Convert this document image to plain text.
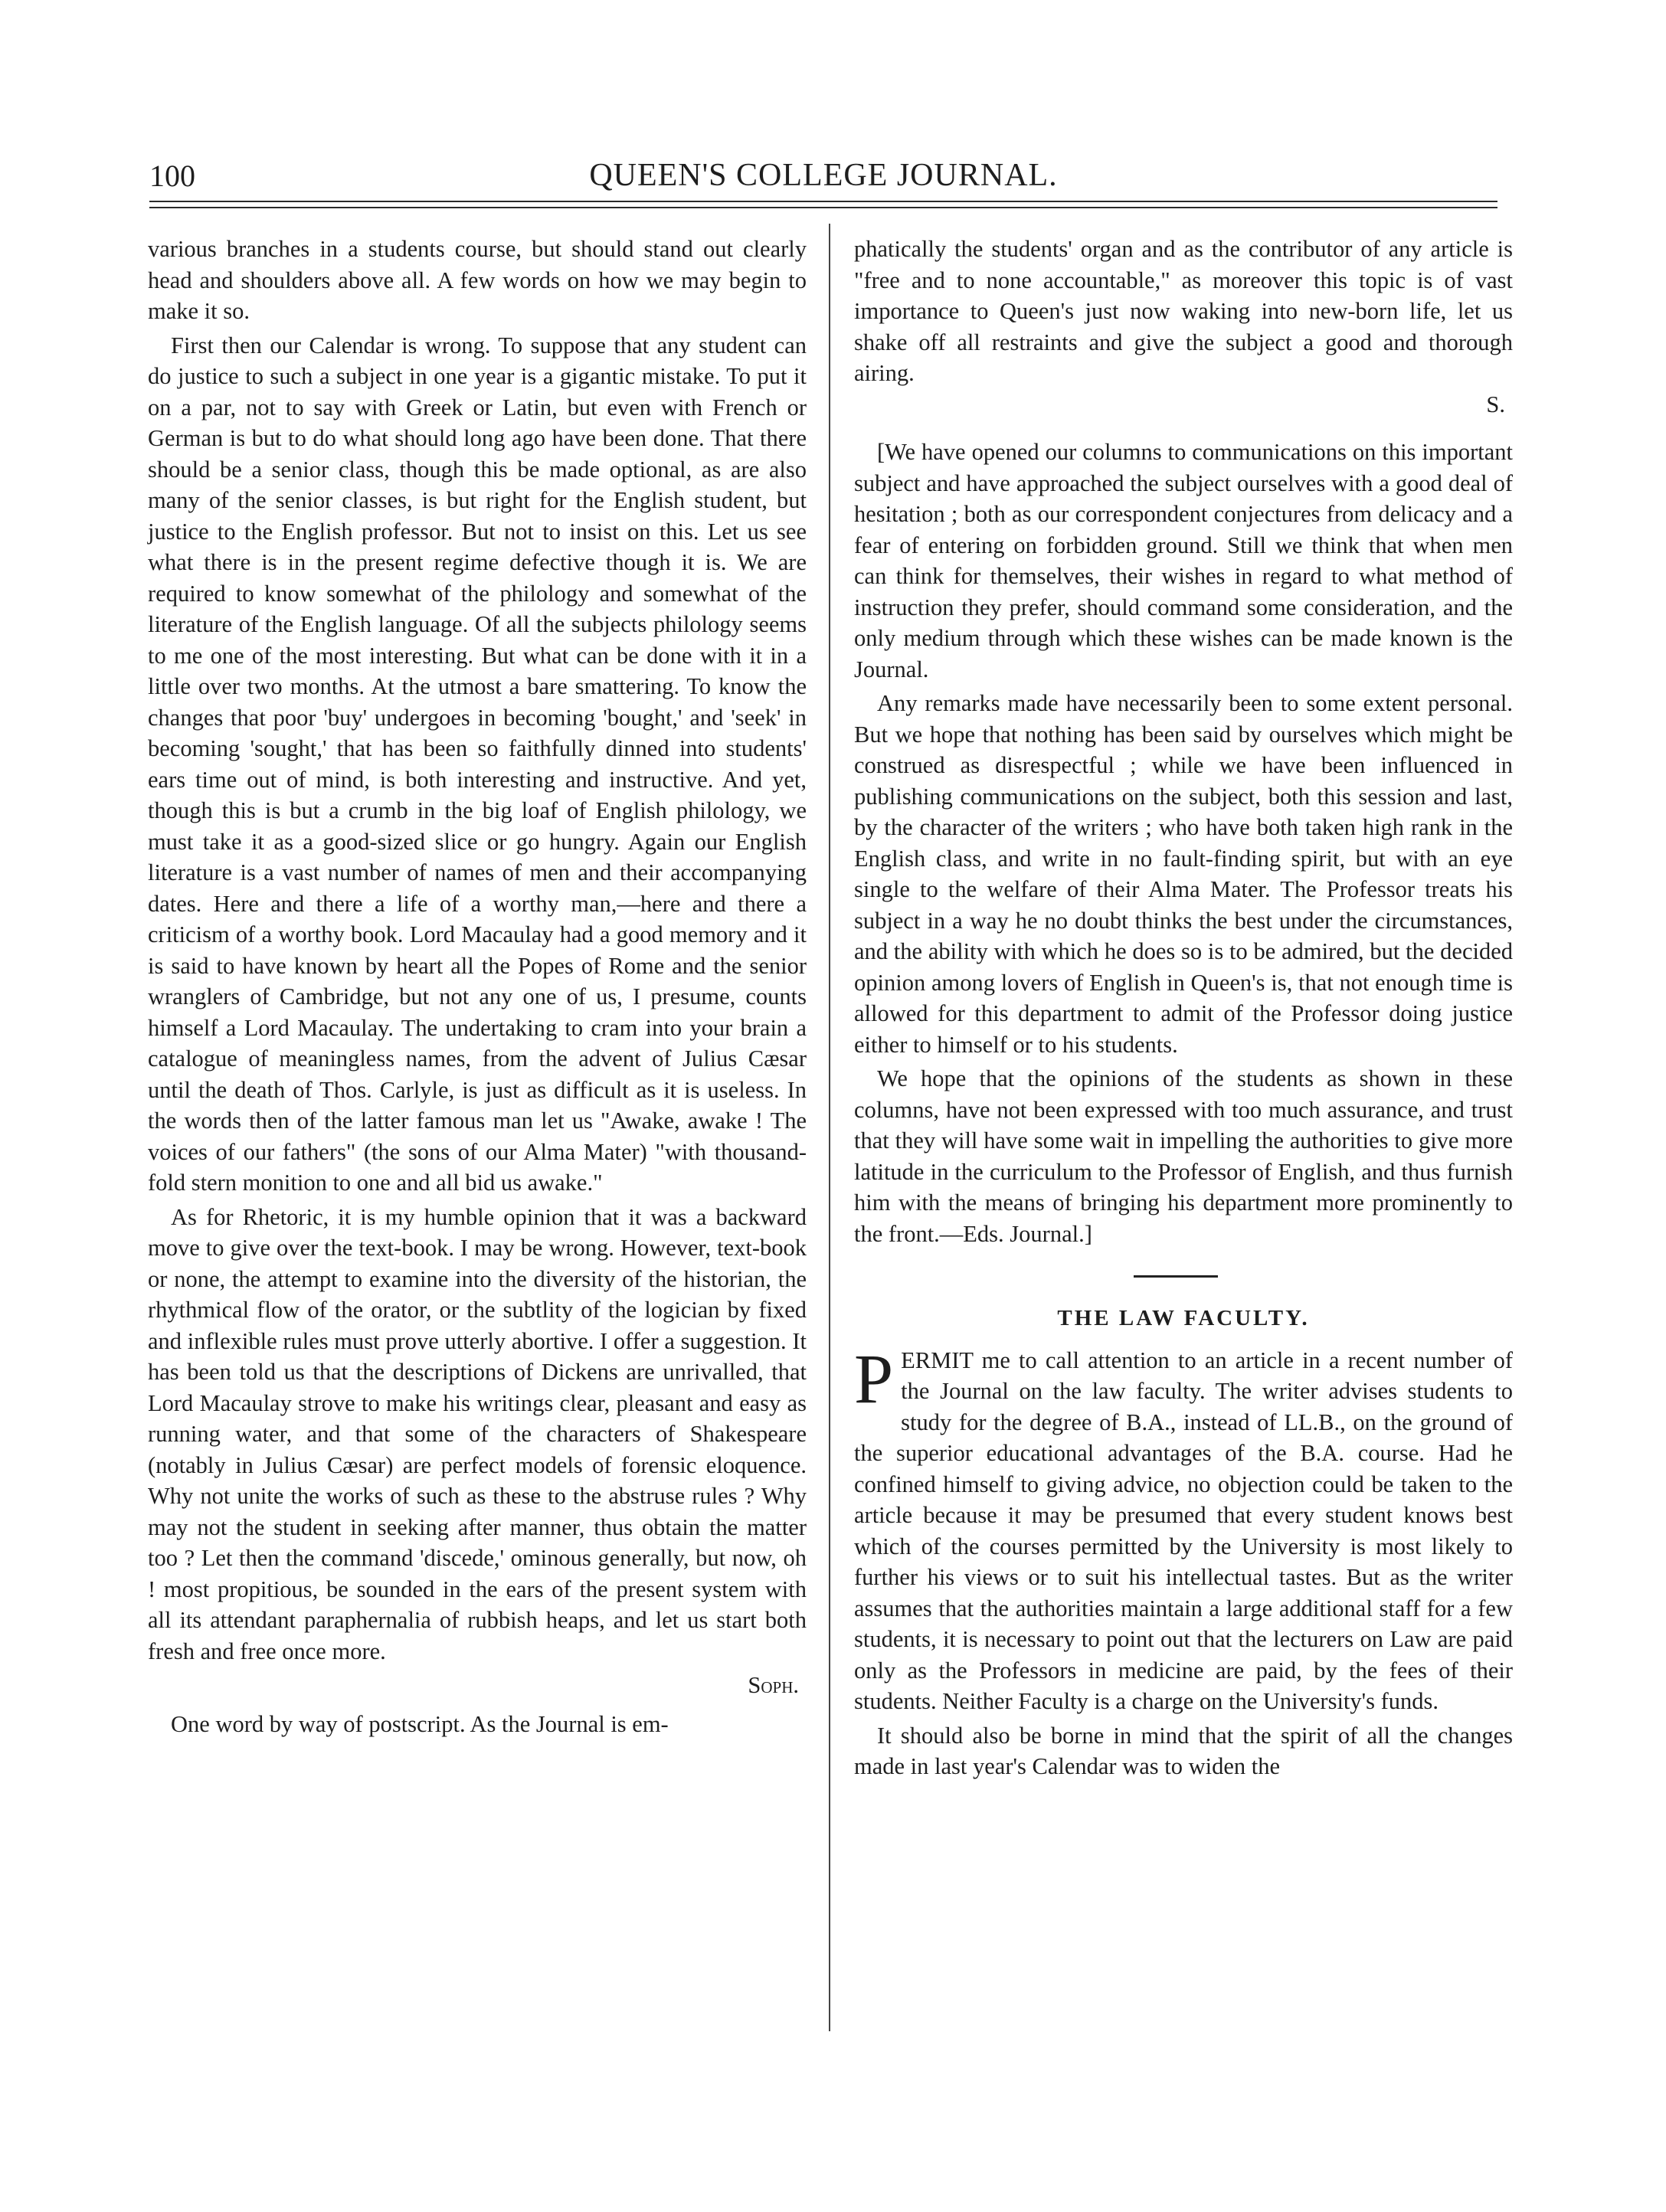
100	QUEEN'S COLLEGE JOURNAL.

various branches in a students course, but should stand out clearly head and shoulders above all. A few words on how we may begin to make it so.

First then our Calendar is wrong. To suppose that any student can do justice to such a subject in one year is a gigantic mistake. To put it on a par, not to say with Greek or Latin, but even with French or German is but to do what should long ago have been done. That there should be a senior class, though this be made optional, as are also many of the senior classes, is but right for the English student, but justice to the English professor. But not to insist on this. Let us see what there is in the present regime defective though it is. We are required to know somewhat of the philology and somewhat of the literature of the English language. Of all the subjects philology seems to me one of the most interesting. But what can be done with it in a little over two months. At the utmost a bare smattering. To know the changes that poor 'buy' undergoes in becoming 'bought,' and 'seek' in becoming 'sought,' that has been so faithfully dinned into students' ears time out of mind, is both interesting and instructive. And yet, though this is but a crumb in the big loaf of English philology, we must take it as a good-sized slice or go hungry. Again our English literature is a vast number of names of men and their accompanying dates. Here and there a life of a worthy man,—here and there a criticism of a worthy book. Lord Macaulay had a good memory and it is said to have known by heart all the Popes of Rome and the senior wranglers of Cambridge, but not any one of us, I presume, counts himself a Lord Macaulay. The undertaking to cram into your brain a catalogue of meaningless names, from the advent of Julius Cæsar until the death of Thos. Carlyle, is just as difficult as it is useless. In the words then of the latter famous man let us "Awake, awake ! The voices of our fathers" (the sons of our Alma Mater) "with thousand-fold stern monition to one and all bid us awake."

As for Rhetoric, it is my humble opinion that it was a backward move to give over the text-book. I may be wrong. However, text-book or none, the attempt to examine into the diversity of the historian, the rhythmical flow of the orator, or the subtlity of the logician by fixed and inflexible rules must prove utterly abortive. I offer a suggestion. It has been told us that the descriptions of Dickens are unrivalled, that Lord Macaulay strove to make his writings clear, pleasant and easy as running water, and that some of the characters of Shakespeare (notably in Julius Cæsar) are perfect models of forensic eloquence. Why not unite the works of such as these to the abstruse rules ? Why may not the student in seeking after manner, thus obtain the matter too ? Let then the command 'discede,' ominous generally, but now, oh ! most propitious, be sounded in the ears of the present system with all its attendant paraphernalia of rubbish heaps, and let us start both fresh and free once more.

Soph.

One word by way of postscript. As the Journal is em-

phatically the students' organ and as the contributor of any article is "free and to none accountable," as moreover this topic is of vast importance to Queen's just now waking into new-born life, let us shake off all restraints and give the subject a good and thorough airing.

S.

[We have opened our columns to communications on this important subject and have approached the subject ourselves with a good deal of hesitation ; both as our correspondent conjectures from delicacy and a fear of entering on forbidden ground. Still we think that when men can think for themselves, their wishes in regard to what method of instruction they prefer, should command some consideration, and the only medium through which these wishes can be made known is the Journal.

Any remarks made have necessarily been to some extent personal. But we hope that nothing has been said by ourselves which might be construed as disrespectful ; while we have been influenced in publishing communications on the subject, both this session and last, by the character of the writers ; who have both taken high rank in the English class, and write in no fault-finding spirit, but with an eye single to the welfare of their Alma Mater. The Professor treats his subject in a way he no doubt thinks the best under the circumstances, and the ability with which he does so is to be admired, but the decided opinion among lovers of English in Queen's is, that not enough time is allowed for this department to admit of the Professor doing justice either to himself or to his students.

We hope that the opinions of the students as shown in these columns, have not been expressed with too much assurance, and trust that they will have some wait in impelling the authorities to give more latitude in the curriculum to the Professor of English, and thus furnish him with the means of bringing his department more prominently to the front.—Eds. Journal.]

THE LAW FACULTY.

PERMIT me to call attention to an article in a recent number of the Journal on the law faculty. The writer advises students to study for the degree of B.A., instead of LL.B., on the ground of the superior educational advantages of the B.A. course. Had he confined himself to giving advice, no objection could be taken to the article because it may be presumed that every student knows best which of the courses permitted by the University is most likely to further his views or to suit his intellectual tastes. But as the writer assumes that the authorities maintain a large additional staff for a few students, it is necessary to point out that the lecturers on Law are paid only as the Professors in medicine are paid, by the fees of their students. Neither Faculty is a charge on the University's funds.

It should also be borne in mind that the spirit of all the changes made in last year's Calendar was to widen the
